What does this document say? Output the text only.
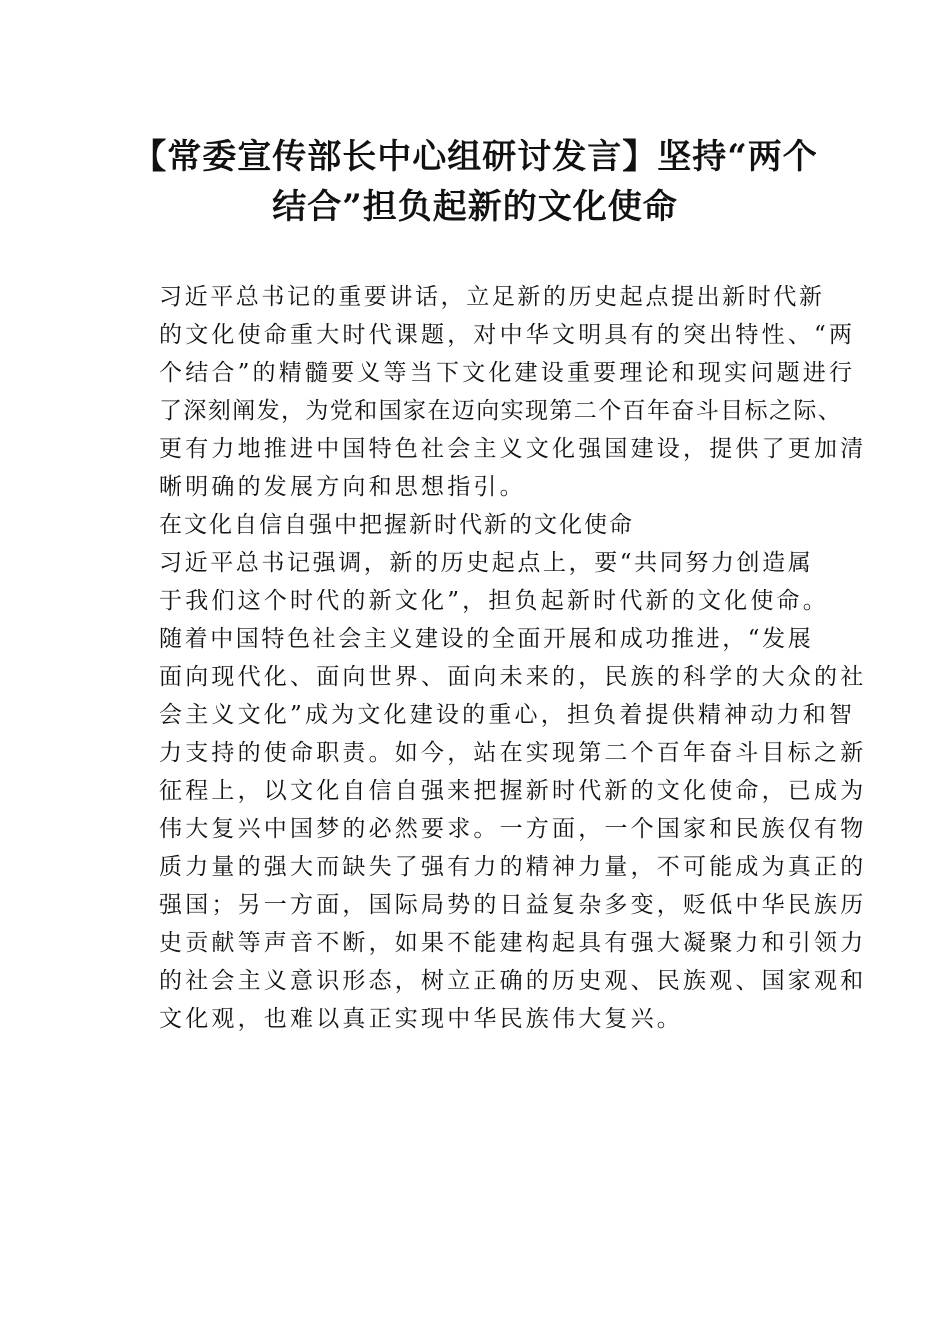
【常委宣传部长中心组研讨发言】坚持“两个
结合”担负起新的文化使命

习近平总书记的重要讲话，立足新的历史起点提出新时代新
的文化使命重大时代课题，对中华文明具有的突出特性、“两
个结合”的精髓要义等当下文化建设重要理论和现实问题进行
了深刻阐发，为党和国家在迈向实现第二个百年奋斗目标之际、
更有力地推进中国特色社会主义文化强国建设，提供了更加清
晰明确的发展方向和思想指引。

在文化自信自强中把握新时代新的文化使命

习近平总书记强调，新的历史起点上，要“共同努力创造属
于我们这个时代的新文化”，担负起新时代新的文化使命。

随着中国特色社会主义建设的全面开展和成功推进，“发展
面向现代化、面向世界、面向未来的，民族的科学的大众的社
会主义文化”成为文化建设的重心，担负着提供精神动力和智
力支持的使命职责。如今，站在实现第二个百年奋斗目标之新
征程上，以文化自信自强来把握新时代新的文化使命，已成为
伟大复兴中国梦的必然要求。一方面，一个国家和民族仅有物
质力量的强大而缺失了强有力的精神力量，不可能成为真正的
强国；另一方面，国际局势的日益复杂多变，贬低中华民族历
史贡献等声音不断，如果不能建构起具有强大凝聚力和引领力
的社会主义意识形态，树立正确的历史观、民族观、国家观和
文化观，也难以真正实现中华民族伟大复兴。
